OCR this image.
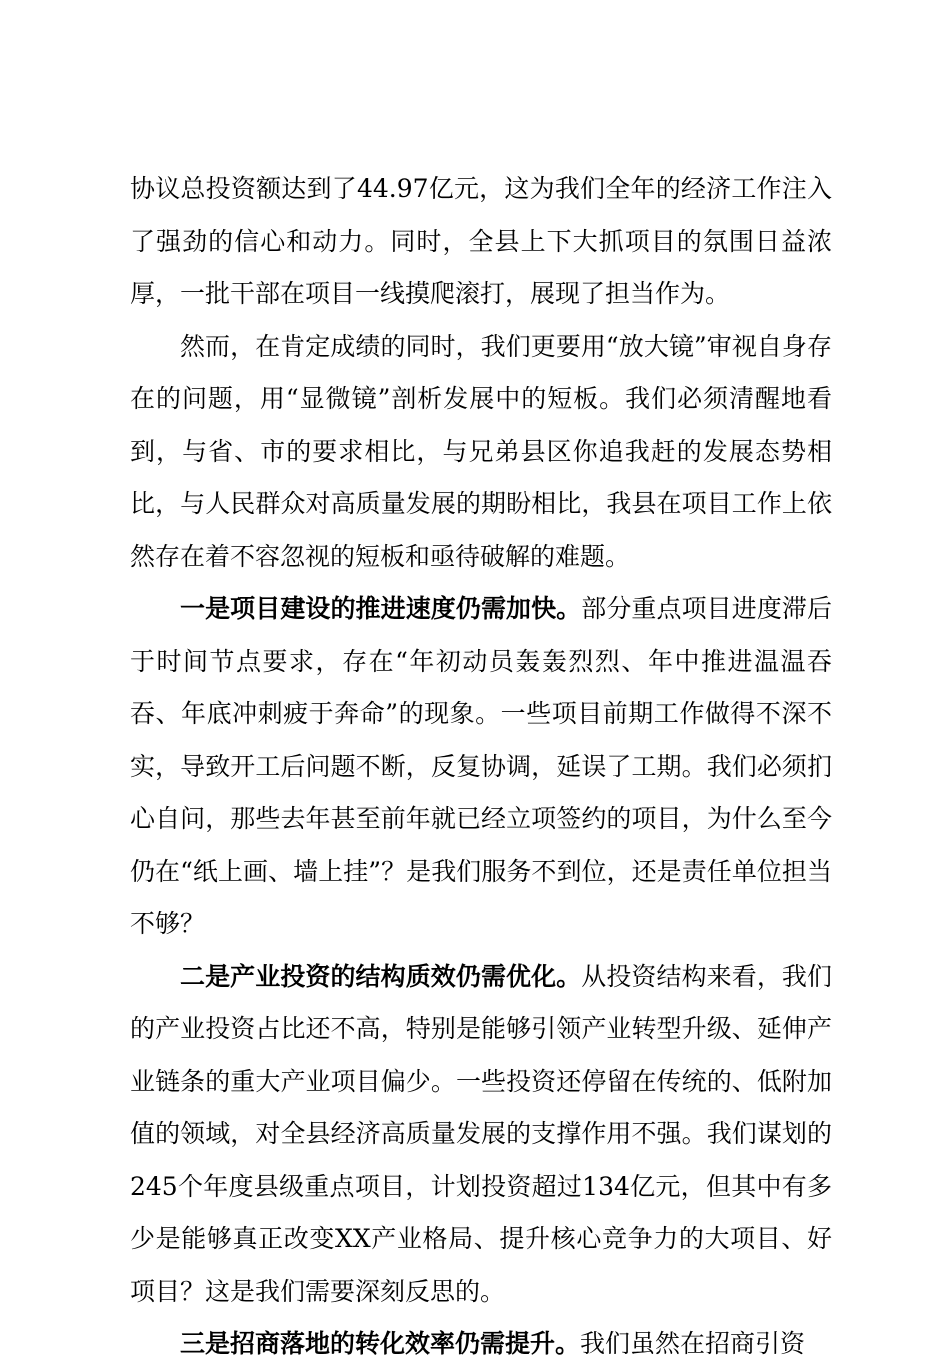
协议总投资额达到了44.97亿元，这为我们全年的经济工作注入了强劲的信心和动力。同时，全县上下大抓项目的氛围日益浓厚，一批干部在项目一线摸爬滚打，展现了担当作为。

然而，在肯定成绩的同时，我们更要用“放大镜”审视自身存在的问题，用“显微镜”剖析发展中的短板。我们必须清醒地看到，与省、市的要求相比，与兄弟县区你追我赶的发展态势相比，与人民群众对高质量发展的期盼相比，我县在项目工作上依然存在着不容忽视的短板和亟待破解的难题。

一是项目建设的推进速度仍需加快。部分重点项目进度滞后于时间节点要求，存在“年初动员轰轰烈烈、年中推进温温吞吞、年底冲刺疲于奔命”的现象。一些项目前期工作做得不深不实，导致开工后问题不断，反复协调，延误了工期。我们必须扪心自问，那些去年甚至前年就已经立项签约的项目，为什么至今仍在“纸上画、墙上挂”？是我们服务不到位，还是责任单位担当不够？

二是产业投资的结构质效仍需优化。从投资结构来看，我们的产业投资占比还不高，特别是能够引领产业转型升级、延伸产业链条的重大产业项目偏少。一些投资还停留在传统的、低附加值的领域，对全县经济高质量发展的支撑作用不强。我们谋划的245个年度县级重点项目，计划投资超过134亿元，但其中有多少是能够真正改变XX产业格局、提升核心竞争力的大项目、好项目？这是我们需要深刻反思的。

三是招商落地的转化效率仍需提升。我们虽然在招商引资
